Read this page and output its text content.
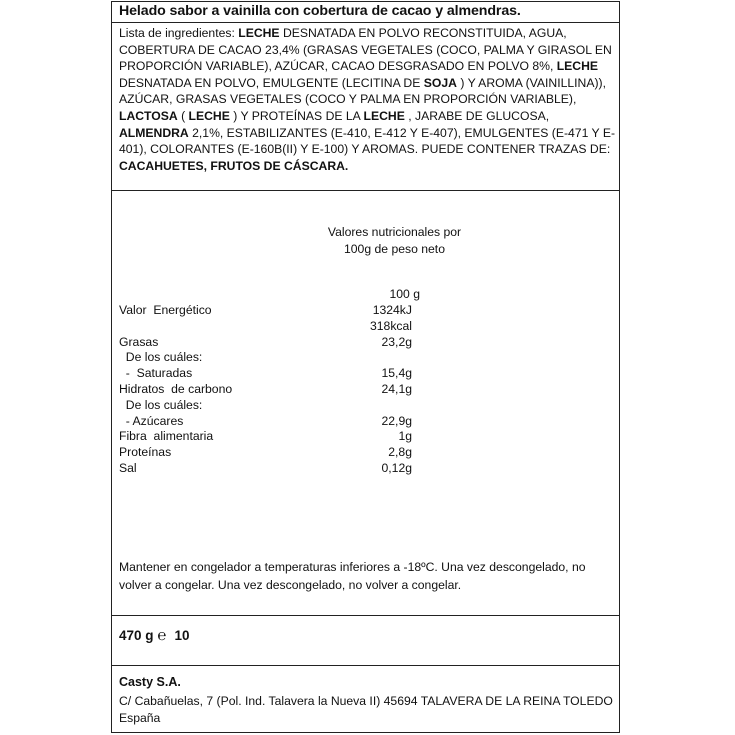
Helado sabor a vainilla con cobertura de cacao y almendras.
Lista de ingredientes: LECHE DESNATADA EN POLVO RECONSTITUIDA, AGUA, COBERTURA DE CACAO 23,4% (GRASAS VEGETALES (COCO, PALMA Y GIRASOL EN PROPORCIÓN VARIABLE), AZÚCAR, CACAO DESGRASADO EN POLVO 8%, LECHE DESNATADA EN POLVO, EMULGENTE (LECITINA DE SOJA ) Y AROMA (VAINILLINA)), AZÚCAR, GRASAS VEGETALES (COCO Y PALMA EN PROPORCIÓN VARIABLE), LACTOSA ( LECHE ) Y PROTEÍNAS DE LA LECHE , JARABE DE GLUCOSA, ALMENDRA 2,1%, ESTABILIZANTES (E-410, E-412 Y E-407), EMULGENTES (E-471 Y E-401), COLORANTES (E-160B(II) Y E-100) Y AROMAS. PUEDE CONTENER TRAZAS DE: CACAHUETES, FRUTOS DE CÁSCARA.
Valores nutricionales por
100g de peso neto
100 g
Valor  Energético	1324kJ
318kcal
Grasas	23,2g
De los cuáles:
-  Saturadas	15,4g
Hidratos  de carbono	24,1g
De los cuáles:
- Azúcares	22,9g
Fibra  alimentaria	1g
Proteínas	2,8g
Sal	0,12g
Mantener en congelador a temperaturas inferiores a -18ºC. Una vez descongelado, no volver a congelar. Una vez descongelado, no volver a congelar.
470 g ℮ 10
Casty S.A.
C/ Cabañuelas, 7 (Pol. Ind. Talavera la Nueva II) 45694 TALAVERA DE LA REINA TOLEDO España
